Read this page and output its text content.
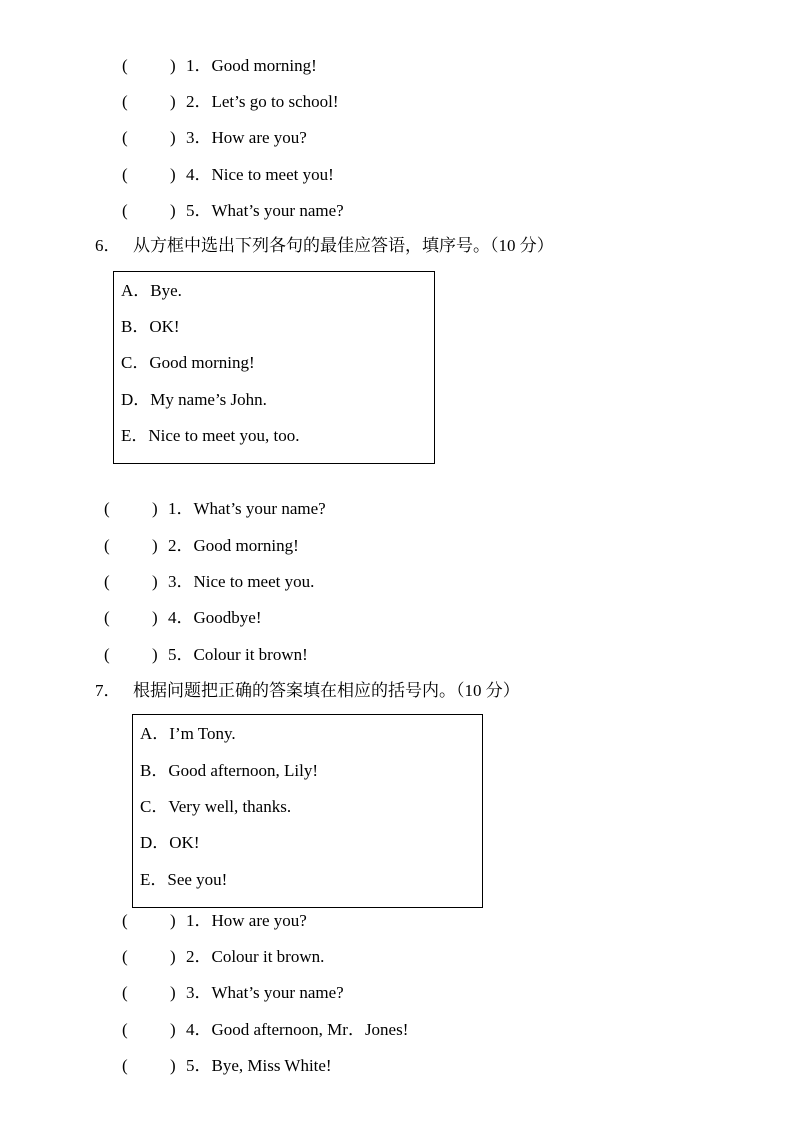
( ) 1．Good morning!
( ) 2．Let’s go to school!
( ) 3．How are you?
( ) 4．Nice to meet you!
( ) 5．What’s your name?
6． 从方框中选出下列各句的最佳应答语，填序号。（10 分）
A．Bye.
B．OK!
C．Good morning!
D．My name’s John.
E．Nice to meet you, too.
( ) 1．What’s your name?
( ) 2．Good morning!
( ) 3．Nice to meet you.
( ) 4．Goodbye!
( ) 5．Colour it brown!
7． 根据问题把正确的答案填在相应的括号内。（10 分）
A．I’m Tony.
B．Good afternoon, Lily!
C．Very well, thanks.
D．OK!
E．See you!
( ) 1．How are you?
( ) 2．Colour it brown.
( ) 3．What’s your name?
( ) 4．Good afternoon, Mr．Jones!
( ) 5．Bye, Miss White!
